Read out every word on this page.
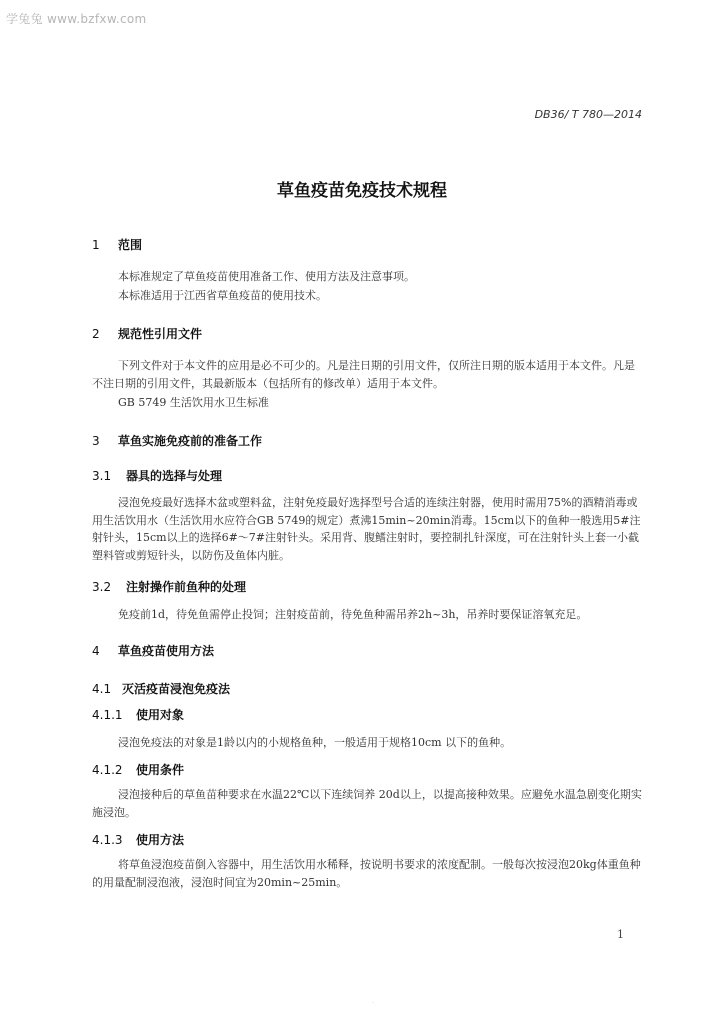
学兔兔 www.bzfxw.com
DB36/ T 780—2014
草鱼疫苗免疫技术规程
1 范围
本标准规定了草鱼疫苗使用准备工作、使用方法及注意事项。
本标准适用于江西省草鱼疫苗的使用技术。
2 规范性引用文件
下列文件对于本文件的应用是必不可少的。凡是注日期的引用文件，仅所注日期的版本适用于本文件。凡是不注日期的引用文件，其最新版本（包括所有的修改单）适用于本文件。
GB 5749 生活饮用水卫生标准
3 草鱼实施免疫前的准备工作
3.1 器具的选择与处理
浸泡免疫最好选择木盆或塑料盆，注射免疫最好选择型号合适的连续注射器，使用时需用75%的酒精消毒或用生活饮用水（生活饮用水应符合GB 5749的规定）煮沸15min~20min消毒。15cm以下的鱼种一般选用5#注射针头，15cm以上的选择6#～7#注射针头。采用背、腹鳍注射时，要控制扎针深度，可在注射针头上套一小截塑料管或剪短针头，以防伤及鱼体内脏。
3.2 注射操作前鱼种的处理
免疫前1d，待免鱼需停止投饲；注射疫苗前，待免鱼种需吊养2h~3h，吊养时要保证溶氧充足。
4 草鱼疫苗使用方法
4.1 灭活疫苗浸泡免疫法
4.1.1 使用对象
浸泡免疫法的对象是1龄以内的小规格鱼种，一般适用于规格10cm 以下的鱼种。
4.1.2 使用条件
浸泡接种后的草鱼苗种要求在水温22℃以下连续饲养 20d以上，以提高接种效果。应避免水温急剧变化期实施浸泡。
4.1.3 使用方法
将草鱼浸泡疫苗倒入容器中，用生活饮用水稀释，按说明书要求的浓度配制。一般每次按浸泡20kg体重鱼种的用量配制浸泡液，浸泡时间宜为20min~25min。
1
·
